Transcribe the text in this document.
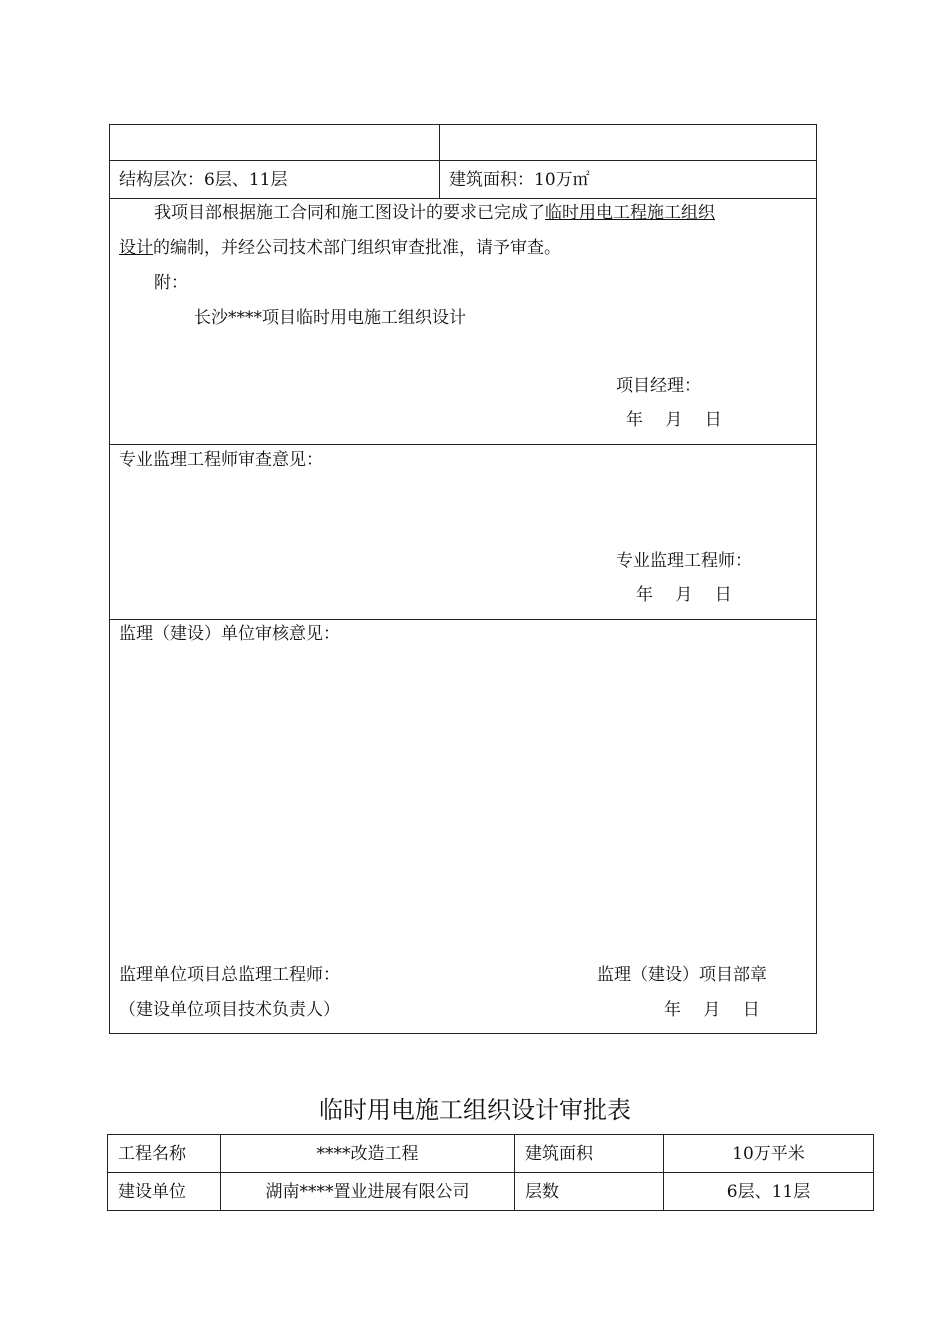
结构层次：6层、11层	建筑面积：10万㎡
我项目部根据施工合同和施工图设计的要求已完成了临时用电工程施工组织
设计的编制，并经公司技术部门组织审查批准，请予审查。
附：
长沙****项目临时用电施工组织设计
项目经理：
年　 月　 日
专业监理工程师审查意见：
专业监理工程师：
年　 月　 日
监理（建设）单位审核意见：
监理单位项目总监理工程师：	监理（建设）项目部章
（建设单位项目技术负责人）	年　 月　 日
临时用电施工组织设计审批表
工程名称	****改造工程	建筑面积	10万平米
建设单位	湖南****置业进展有限公司	层数	6层、11层
